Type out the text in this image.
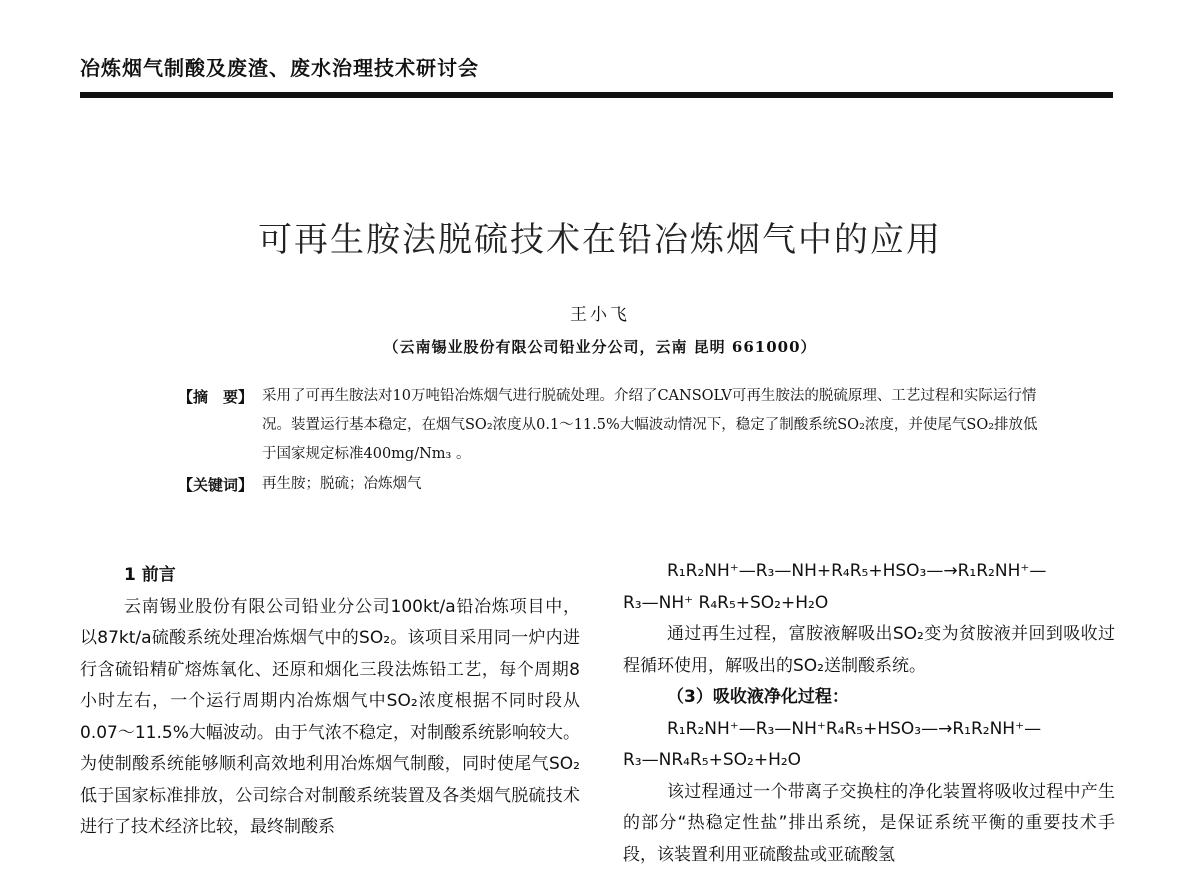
冶炼烟气制酸及废渣、废水治理技术研讨会
可再生胺法脱硫技术在铅冶炼烟气中的应用
王小飞
（云南锡业股份有限公司铅业分公司，云南 昆明 661000）
【摘　要】 采用了可再生胺法对10万吨铅冶炼烟气进行脱硫处理。介绍了CANSOLV可再生胺法的脱硫原理、工艺过程和实际运行情况。装置运行基本稳定，在烟气SO₂浓度从0.1～11.5%大幅波动情况下，稳定了制酸系统SO₂浓度，并使尾气SO₂排放低于国家规定标准400mg/Nm₃ 。
【关键词】 再生胺；脱硫；冶炼烟气
1 前言
云南锡业股份有限公司铅业分公司100kt/a铅冶炼项目中，以87kt/a硫酸系统处理冶炼烟气中的SO₂。该项目采用同一炉内进行含硫铅精矿熔炼氧化、还原和烟化三段法炼铅工艺，每个周期8小时左右，一个运行周期内冶炼烟气中SO₂浓度根据不同时段从0.07～11.5%大幅波动。由于气浓不稳定，对制酸系统影响较大。为使制酸系统能够顺利高效地利用冶炼烟气制酸，同时使尾气SO₂低于国家标准排放，公司综合对制酸系统装置及各类烟气脱硫技术进行了技术经济比较，最终制酸系
R₁R₂NH⁺—R₃—NH+R₄R₅+HSO₃—→R₁R₂NH⁺—
R₃—NH⁺ R₄R₅+SO₂+H₂O
通过再生过程，富胺液解吸出SO₂变为贫胺液并回到吸收过程循环使用，解吸出的SO₂送制酸系统。
（3）吸收液净化过程：
R₁R₂NH⁺—R₃—NH⁺R₄R₅+HSO₃—→R₁R₂NH⁺—
R₃—NR₄R₅+SO₂+H₂O
该过程通过一个带离子交换柱的净化装置将吸收过程中产生的部分“热稳定性盐”排出系统，是保证系统平衡的重要技术手段，该装置利用亚硫酸盐或亚硫酸氢
